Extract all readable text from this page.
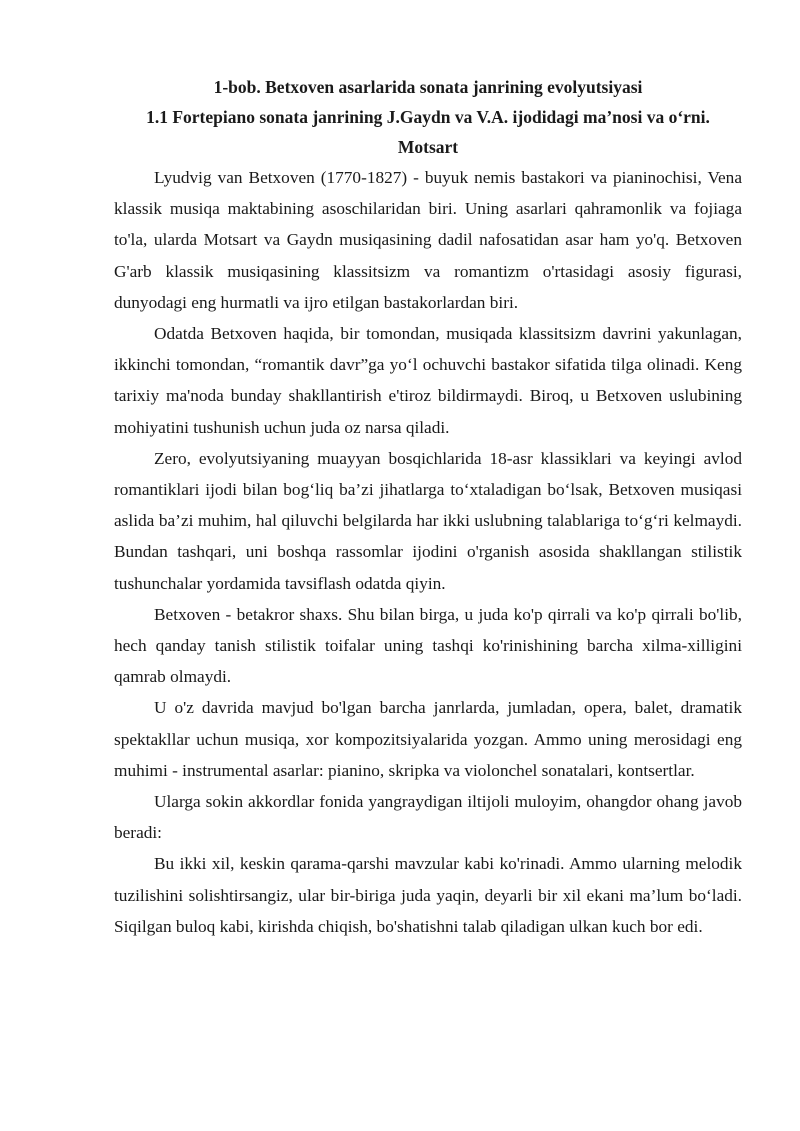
1-bob. Betxoven asarlarida sonata janrining evolyutsiyasi
1.1 Fortepiano sonata janrining J.Gaydn va V.A. ijodidagi ma’nosi va o‘rni. Motsart

Lyudvig van Betxoven (1770-1827) - buyuk nemis bastakori va pianinochisi, Vena klassik musiqa maktabining asoschilaridan biri. Uning asarlari qahramonlik va fojiaga to'la, ularda Motsart va Gaydn musiqasining dadil nafosatidan asar ham yo'q. Betxoven G'arb klassik musiqasining klassitsizm va romantizm o'rtasidagi asosiy figurasi, dunyodagi eng hurmatli va ijro etilgan bastakorlardan biri.

Odatda Betxoven haqida, bir tomondan, musiqada klassitsizm davrini yakunlagan, ikkinchi tomondan, “romantik davr”ga yo‘l ochuvchi bastakor sifatida tilga olinadi. Keng tarixiy ma'noda bunday shakllantirish e'tiroz bildirmaydi. Biroq, u Betxoven uslubining mohiyatini tushunish uchun juda oz narsa qiladi.

Zero, evolyutsiyaning muayyan bosqichlarida 18-asr klassiklari va keyingi avlod romantiklari ijodi bilan bog‘liq ba’zi jihatlarga to‘xtaladigan bo‘lsak, Betxoven musiqasi aslida ba’zi muhim, hal qiluvchi belgilarda har ikki uslubning talablariga to‘g‘ri kelmaydi. Bundan tashqari, uni boshqa rassomlar ijodini o'rganish asosida shakllangan stilistik tushunchalar yordamida tavsiflash odatda qiyin.

Betxoven - betakror shaxs. Shu bilan birga, u juda ko'p qirrali va ko'p qirrali bo'lib, hech qanday tanish stilistik toifalar uning tashqi ko'rinishining barcha xilma-xilligini qamrab olmaydi.

U o'z davrida mavjud bo'lgan barcha janrlarda, jumladan, opera, balet, dramatik spektakllar uchun musiqa, xor kompozitsiyalarida yozgan. Ammo uning merosidagi eng muhimi - instrumental asarlar: pianino, skripka va violonchel sonatalari, kontsertlar.

Ularga sokin akkordlar fonida yangraydigan iltijoli muloyim, ohangdor ohang javob beradi:

Bu ikki xil, keskin qarama-qarshi mavzular kabi ko'rinadi. Ammo ularning melodik tuzilishini solishtirsangiz, ular bir-biriga juda yaqin, deyarli bir xil ekani ma’lum bo‘ladi. Siqilgan buloq kabi, kirishda chiqish, bo'shatishni talab qiladigan ulkan kuch bor edi.
